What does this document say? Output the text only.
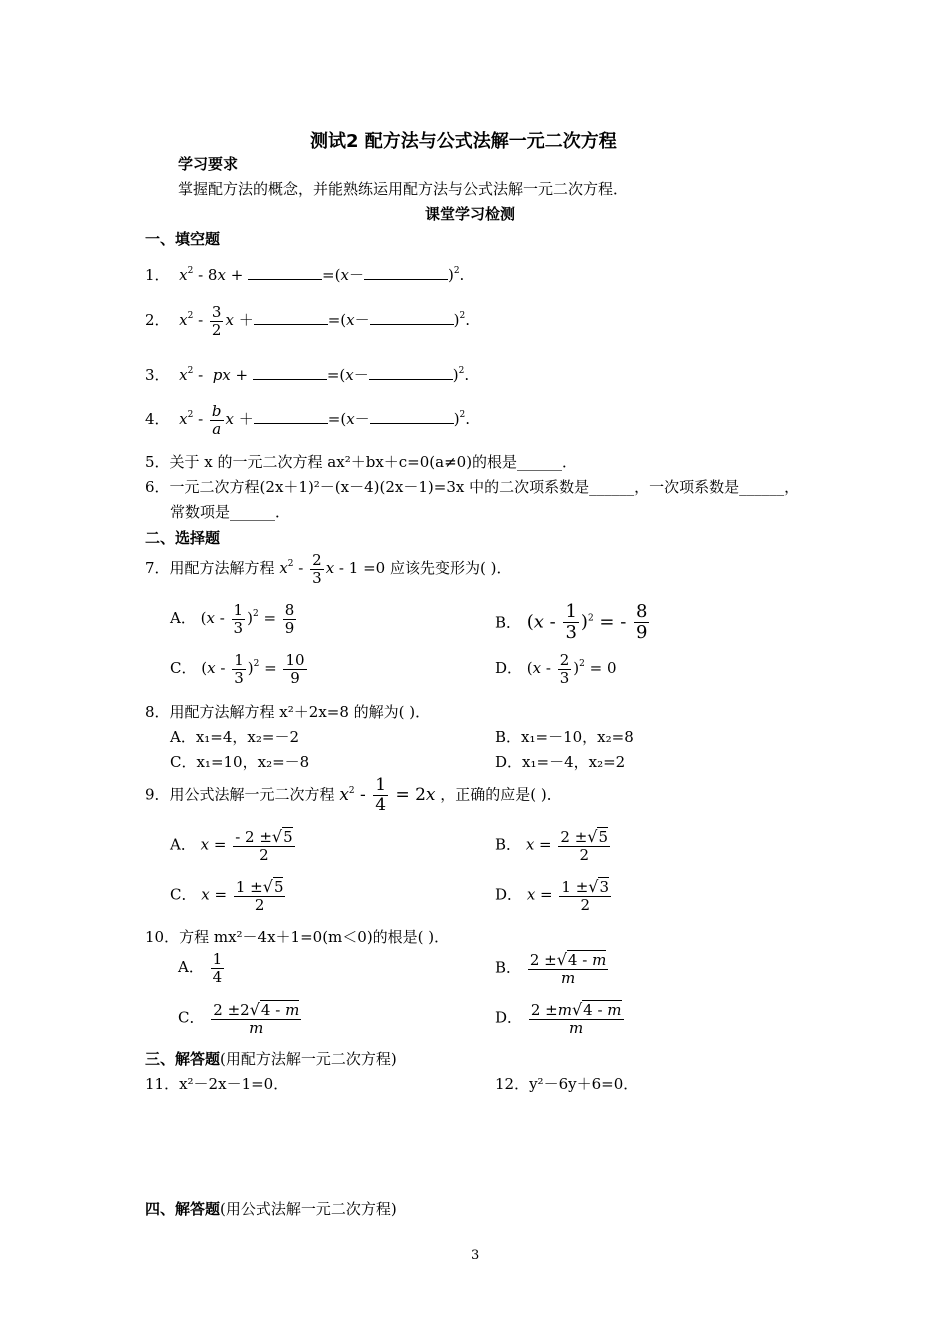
测试2 配方法与公式法解一元二次方程
学习要求
掌握配方法的概念，并能熟练运用配方法与公式法解一元二次方程．
课堂学习检测
一、填空题
1． $x^2 - 8x$ +	=(x－	)$^2$.
2． $x^2 - \frac{3}{2}$ x ＋	=(x－	)$^2$.
3． $x^2$ -  px +	=(x－	)$^2$.
4． $x^2 - \frac{b}{a}$ x ＋	=(x－	)$^2$.
5．关于 x 的一元二次方程 ax²＋bx＋c=0(a≠0)的根是______．
6．一元二次方程(2x＋1)²－(x－4)(2x－1)=3x 中的二次项系数是______，一次项系数是______，
常数项是______．
二、选择题
7．用配方法解方程 $x^2 - \frac{2}{3}$ x - 1 =0 应该先变形为( )．
A． $(x - \frac{1}{3} )^2 = \frac{8}{9}$	B． $(x - \frac{1}{3} )^2$ = - $\frac{8}{9}$
C． $(x - \frac{1}{3} )^2 = \frac{10}{9}$	D． $(x - \frac{2}{3} )^2 = 0$
8．用配方法解方程 x²＋2x=8 的解为( )．
A．x₁=4，x₂=－2	B．x₁=－10，x₂=8
C．x₁=10，x₂=－8	D．x₁=－4，x₂=2
9．用公式法解一元二次方程 $x^2 - \frac{1}{4} = 2x$ ，正确的应是( )．
A． $x = \frac{- 2 \pm√5}{2}$	B． $x = \frac{2 \pm√5}{2}$
C． $x = \frac{1 \pm√5}{2}$	D． $x = \frac{1 \pm√3}{2}$
10．方程 mx²－4x＋1=0(m＜0)的根是( )．
A． $\frac{1}{4}$	B． $\frac{2 \pm√4 - m}{m}$
C． $\frac{2 \pm 2√4 - m}{m}$	D． $\frac{2 \pm m√4 - m}{m}$
三、解答题(用配方法解一元二次方程)
11．x²－2x－1=0．	12．y²－6y＋6=0．
四、解答题(用公式法解一元二次方程)
3
